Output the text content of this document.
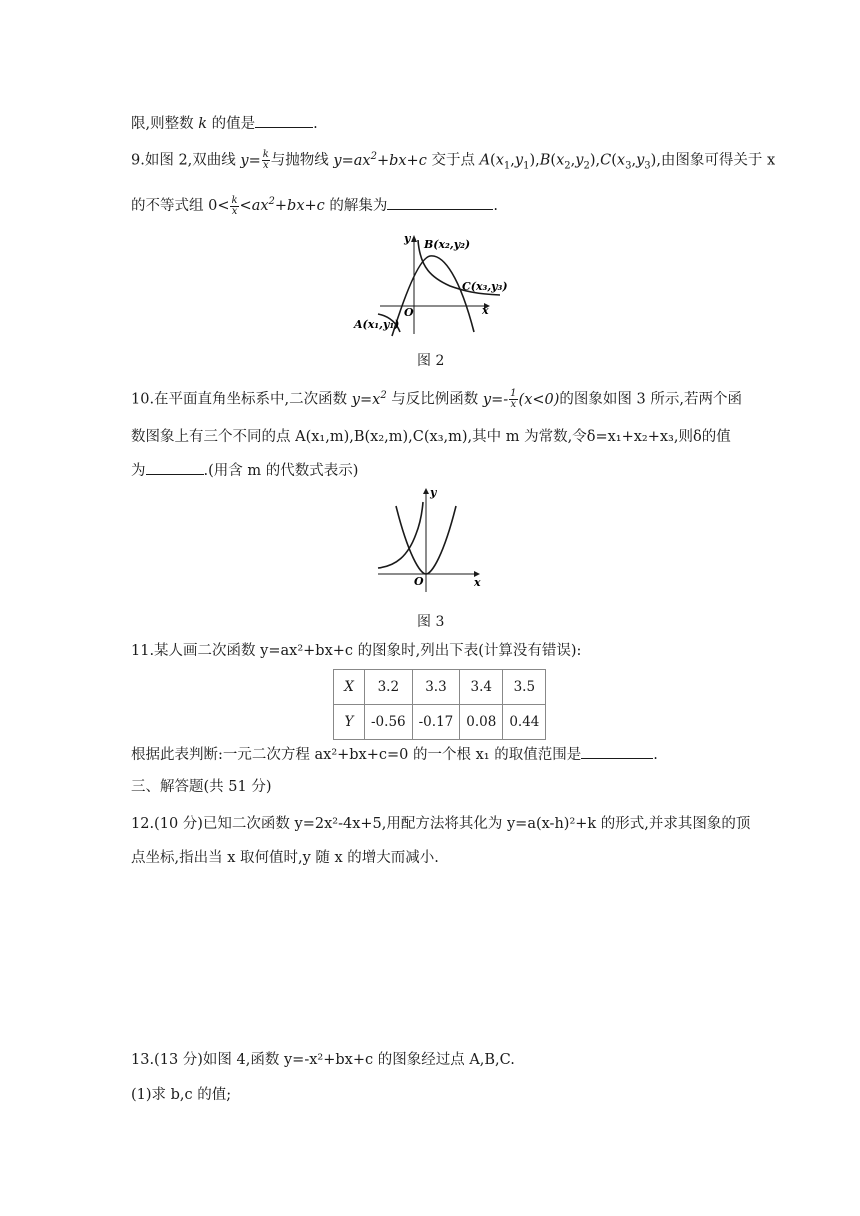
限,则整数 k 的值是	.
9.如图 2,双曲线 $y= \frac{k}{x}$ 与抛物线 $y=ax^2+bx+c$ 交于点 $A(x_1,y_1),B(x_2,y_2),C(x_3,y_3)$,由图象可得关于 x
的不等式组 $0< \frac{k}{x} <ax^2+bx+c$ 的解集为	.
y
x
O
B(x₂,y₂)
C(x₃,y₃)
A(x₁,y₁)
图 2
10.在平面直角坐标系中,二次函数 $y=x^2$ 与反比例函数 $y=- \frac{1}{x} (x<0)$的图象如图 3 所示,若两个函
数图象上有三个不同的点 A(x₁,m),B(x₂,m),C(x₃,m),其中 m 为常数,令δ=x₁+x₂+x₃,则δ的值
为	.(用含 m 的代数式表示)
y
x
O
图 3
11.某人画二次函数 y=ax²+bx+c 的图象时,列出下表(计算没有错误):
X	3.2	3.3	3.4	3.5
Y	-0.56	-0.17	0.08	0.44
根据此表判断:一元二次方程 ax²+bx+c=0 的一个根 x₁ 的取值范围是	.
三、解答题(共 51 分)
12.(10 分)已知二次函数 y=2x²-4x+5,用配方法将其化为 y=a(x-h)²+k 的形式,并求其图象的顶
点坐标,指出当 x 取何值时,y 随 x 的增大而减小.
13.(13 分)如图 4,函数 y=-x²+bx+c 的图象经过点 A,B,C.
(1)求 b,c 的值;
